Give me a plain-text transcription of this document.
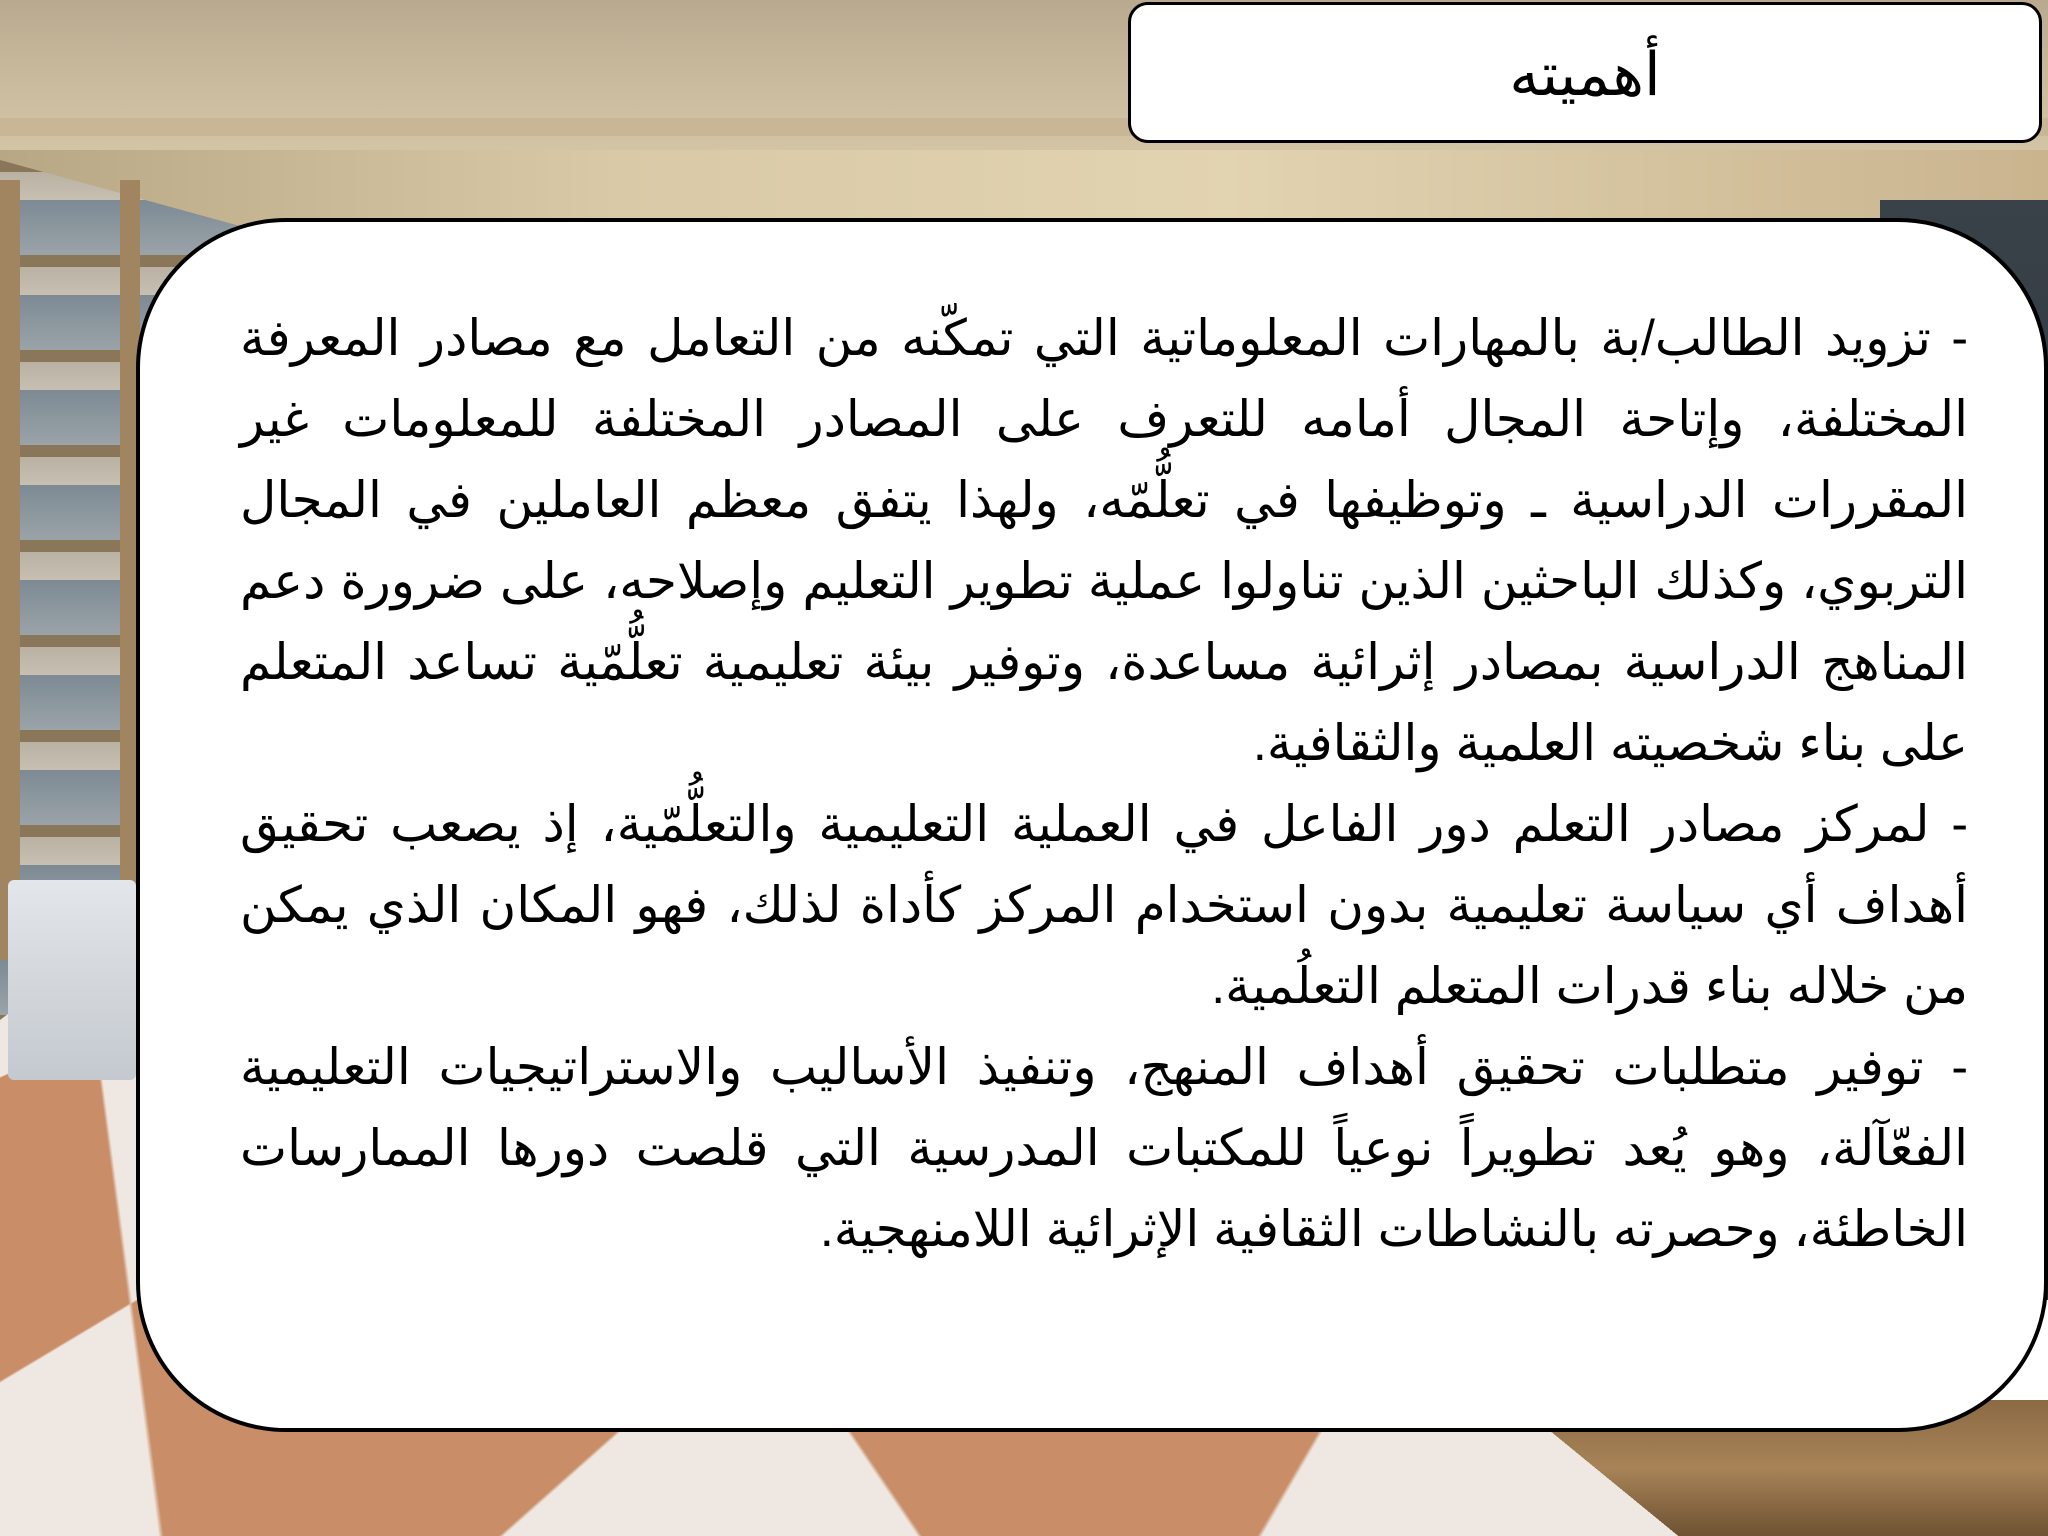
أهميته

- تزويد الطالب/بة بالمهارات المعلوماتية التي تمكّنه من التعامل مع مصادر المعرفة المختلفة، وإتاحة المجال أمامه للتعرف على المصادر المختلفة للمعلومات غير المقررات الدراسية ـ وتوظيفها في تعلُّمّه، ولهذا يتفق معظم العاملين في المجال التربوي، وكذلك الباحثين الذين تناولوا عملية تطوير التعليم وإصلاحه، على ضرورة دعم المناهج الدراسية بمصادر إثرائية مساعدة، وتوفير بيئة تعليمية تعلُّمّية تساعد المتعلم على بناء شخصيته العلمية والثقافية.

- لمركز مصادر التعلم دور الفاعل في العملية التعليمية والتعلُّمّية، إذ يصعب تحقيق أهداف أي سياسة تعليمية بدون استخدام المركز كأداة لذلك، فهو المكان الذي يمكن من خلاله بناء قدرات المتعلم التعلُمية.

- توفير متطلبات تحقيق أهداف المنهج، وتنفيذ الأساليب والاستراتيجيات التعليمية الفعّآلة، وهو يُعد تطويراً نوعياً للمكتبات المدرسية التي قلصت دورها الممارسات الخاطئة، وحصرته بالنشاطات الثقافية الإثرائية اللامنهجية.
